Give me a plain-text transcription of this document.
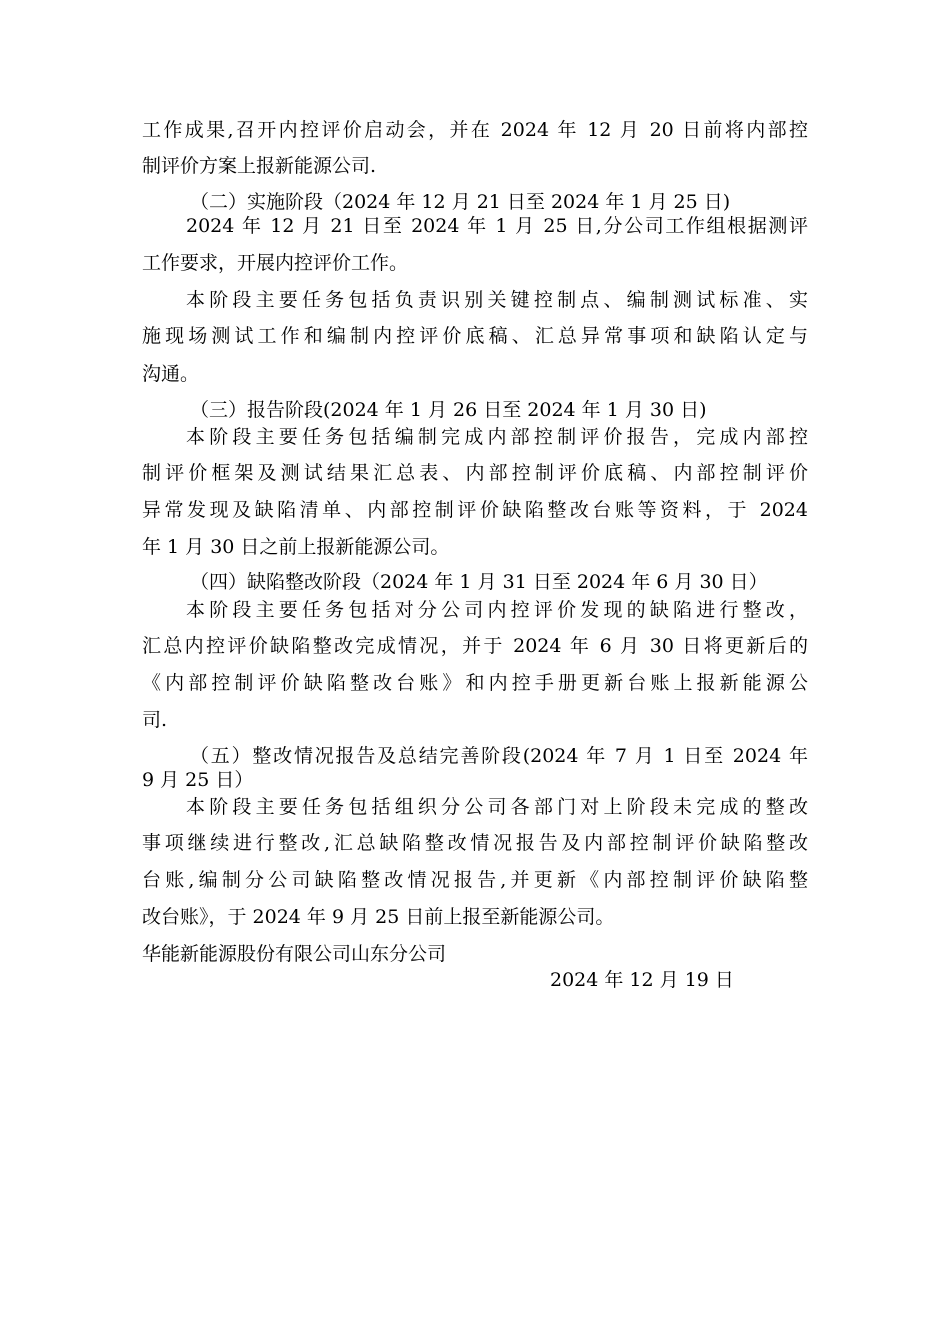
工作成果,召开内控评价启动会，并在 2024 年 12 月 20 日前将内部控
制评价方案上报新能源公司.
（二）实施阶段（2024 年 12 月 21 日至 2024 年 1 月 25 日)
2024 年 12 月 21 日至 2024 年 1 月 25 日,分公司工作组根据测评
工作要求，开展内控评价工作。
本阶段主要任务包括负责识别关键控制点、编制测试标准、实
施现场测试工作和编制内控评价底稿、汇总异常事项和缺陷认定与
沟通。
（三）报告阶段(2024 年 1 月 26 日至 2024 年 1 月 30 日)
本阶段主要任务包括编制完成内部控制评价报告，完成内部控
制评价框架及测试结果汇总表、内部控制评价底稿、内部控制评价
异常发现及缺陷清单、内部控制评价缺陷整改台账等资料，于 2024
年 1 月 30 日之前上报新能源公司。
（四）缺陷整改阶段（2024 年 1 月 31 日至 2024 年 6 月 30 日）
本阶段主要任务包括对分公司内控评价发现的缺陷进行整改，
汇总内控评价缺陷整改完成情况，并于 2024 年 6 月 30 日将更新后的
《内部控制评价缺陷整改台账》和内控手册更新台账上报新能源公
司.
（五）整改情况报告及总结完善阶段(2024 年 7 月 1 日至 2024 年
9 月 25 日）
本阶段主要任务包括组织分公司各部门对上阶段未完成的整改
事项继续进行整改,汇总缺陷整改情况报告及内部控制评价缺陷整改
台账,编制分公司缺陷整改情况报告,并更新《内部控制评价缺陷整
改台账》，于 2024 年 9 月 25 日前上报至新能源公司。
华能新能源股份有限公司山东分公司
2024 年 12 月 19 日
